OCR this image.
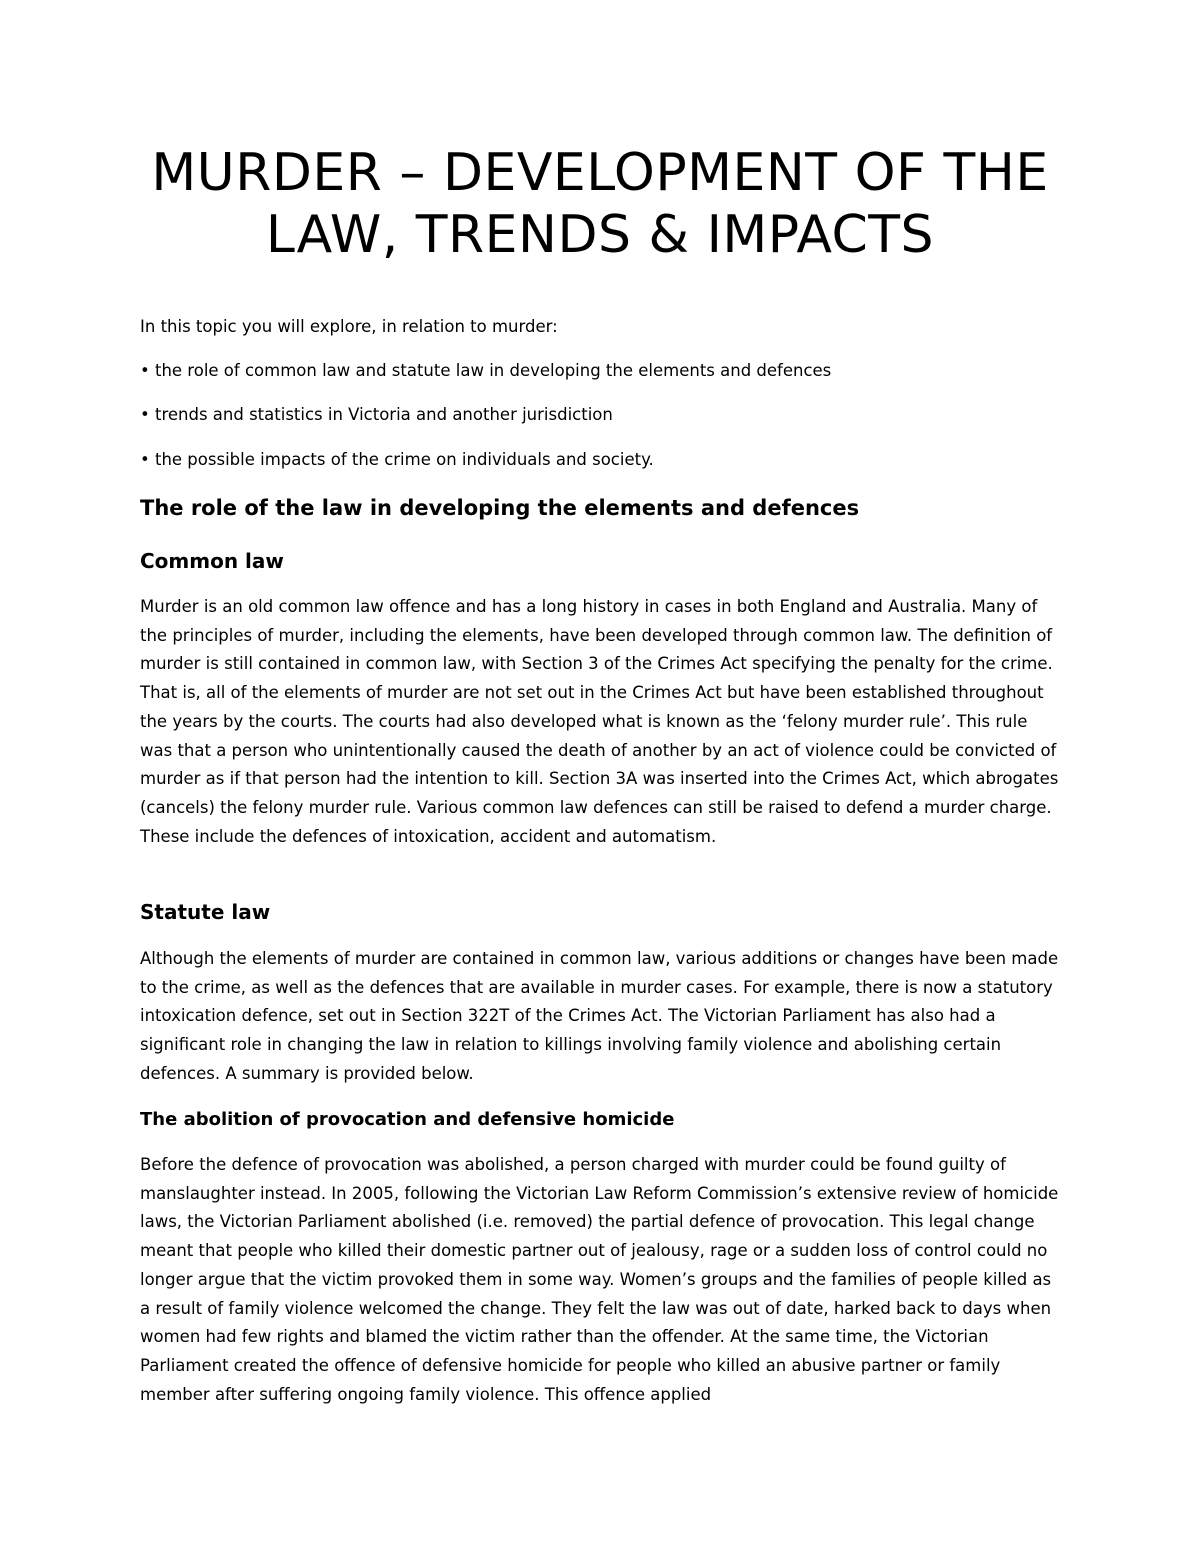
MURDER – DEVELOPMENT OF THE
LAW, TRENDS & IMPACTS

In this topic you will explore, in relation to murder:

• the role of common law and statute law in developing the elements and defences

• trends and statistics in Victoria and another jurisdiction

• the possible impacts of the crime on individuals and society.

The role of the law in developing the elements and defences
Common law

Murder is an old common law offence and has a long history in cases in both England and Australia. Many of the principles of murder, including the elements, have been developed through common law. The definition of murder is still contained in common law, with Section 3 of the Crimes Act specifying the penalty for the crime. That is, all of the elements of murder are not set out in the Crimes Act but have been established throughout the years by the courts. The courts had also developed what is known as the ‘felony murder rule’. This rule was that a person who unintentionally caused the death of another by an act of violence could be convicted of murder as if that person had the intention to kill. Section 3A was inserted into the Crimes Act, which abrogates (cancels) the felony murder rule. Various common law defences can still be raised to defend a murder charge. These include the defences of intoxication, accident and automatism.

Statute law

Although the elements of murder are contained in common law, various additions or changes have been made to the crime, as well as the defences that are available in murder cases. For example, there is now a statutory intoxication defence, set out in Section 322T of the Crimes Act. The Victorian Parliament has also had a significant role in changing the law in relation to killings involving family violence and abolishing certain defences. A summary is provided below.

The abolition of provocation and defensive homicide

Before the defence of provocation was abolished, a person charged with murder could be found guilty of manslaughter instead. In 2005, following the Victorian Law Reform Commission’s extensive review of homicide laws, the Victorian Parliament abolished (i.e. removed) the partial defence of provocation. This legal change meant that people who killed their domestic partner out of jealousy, rage or a sudden loss of control could no longer argue that the victim provoked them in some way. Women’s groups and the families of people killed as a result of family violence welcomed the change. They felt the law was out of date, harked back to days when women had few rights and blamed the victim rather than the offender. At the same time, the Victorian Parliament created the offence of defensive homicide for people who killed an abusive partner or family member after suffering ongoing family violence. This offence applied
